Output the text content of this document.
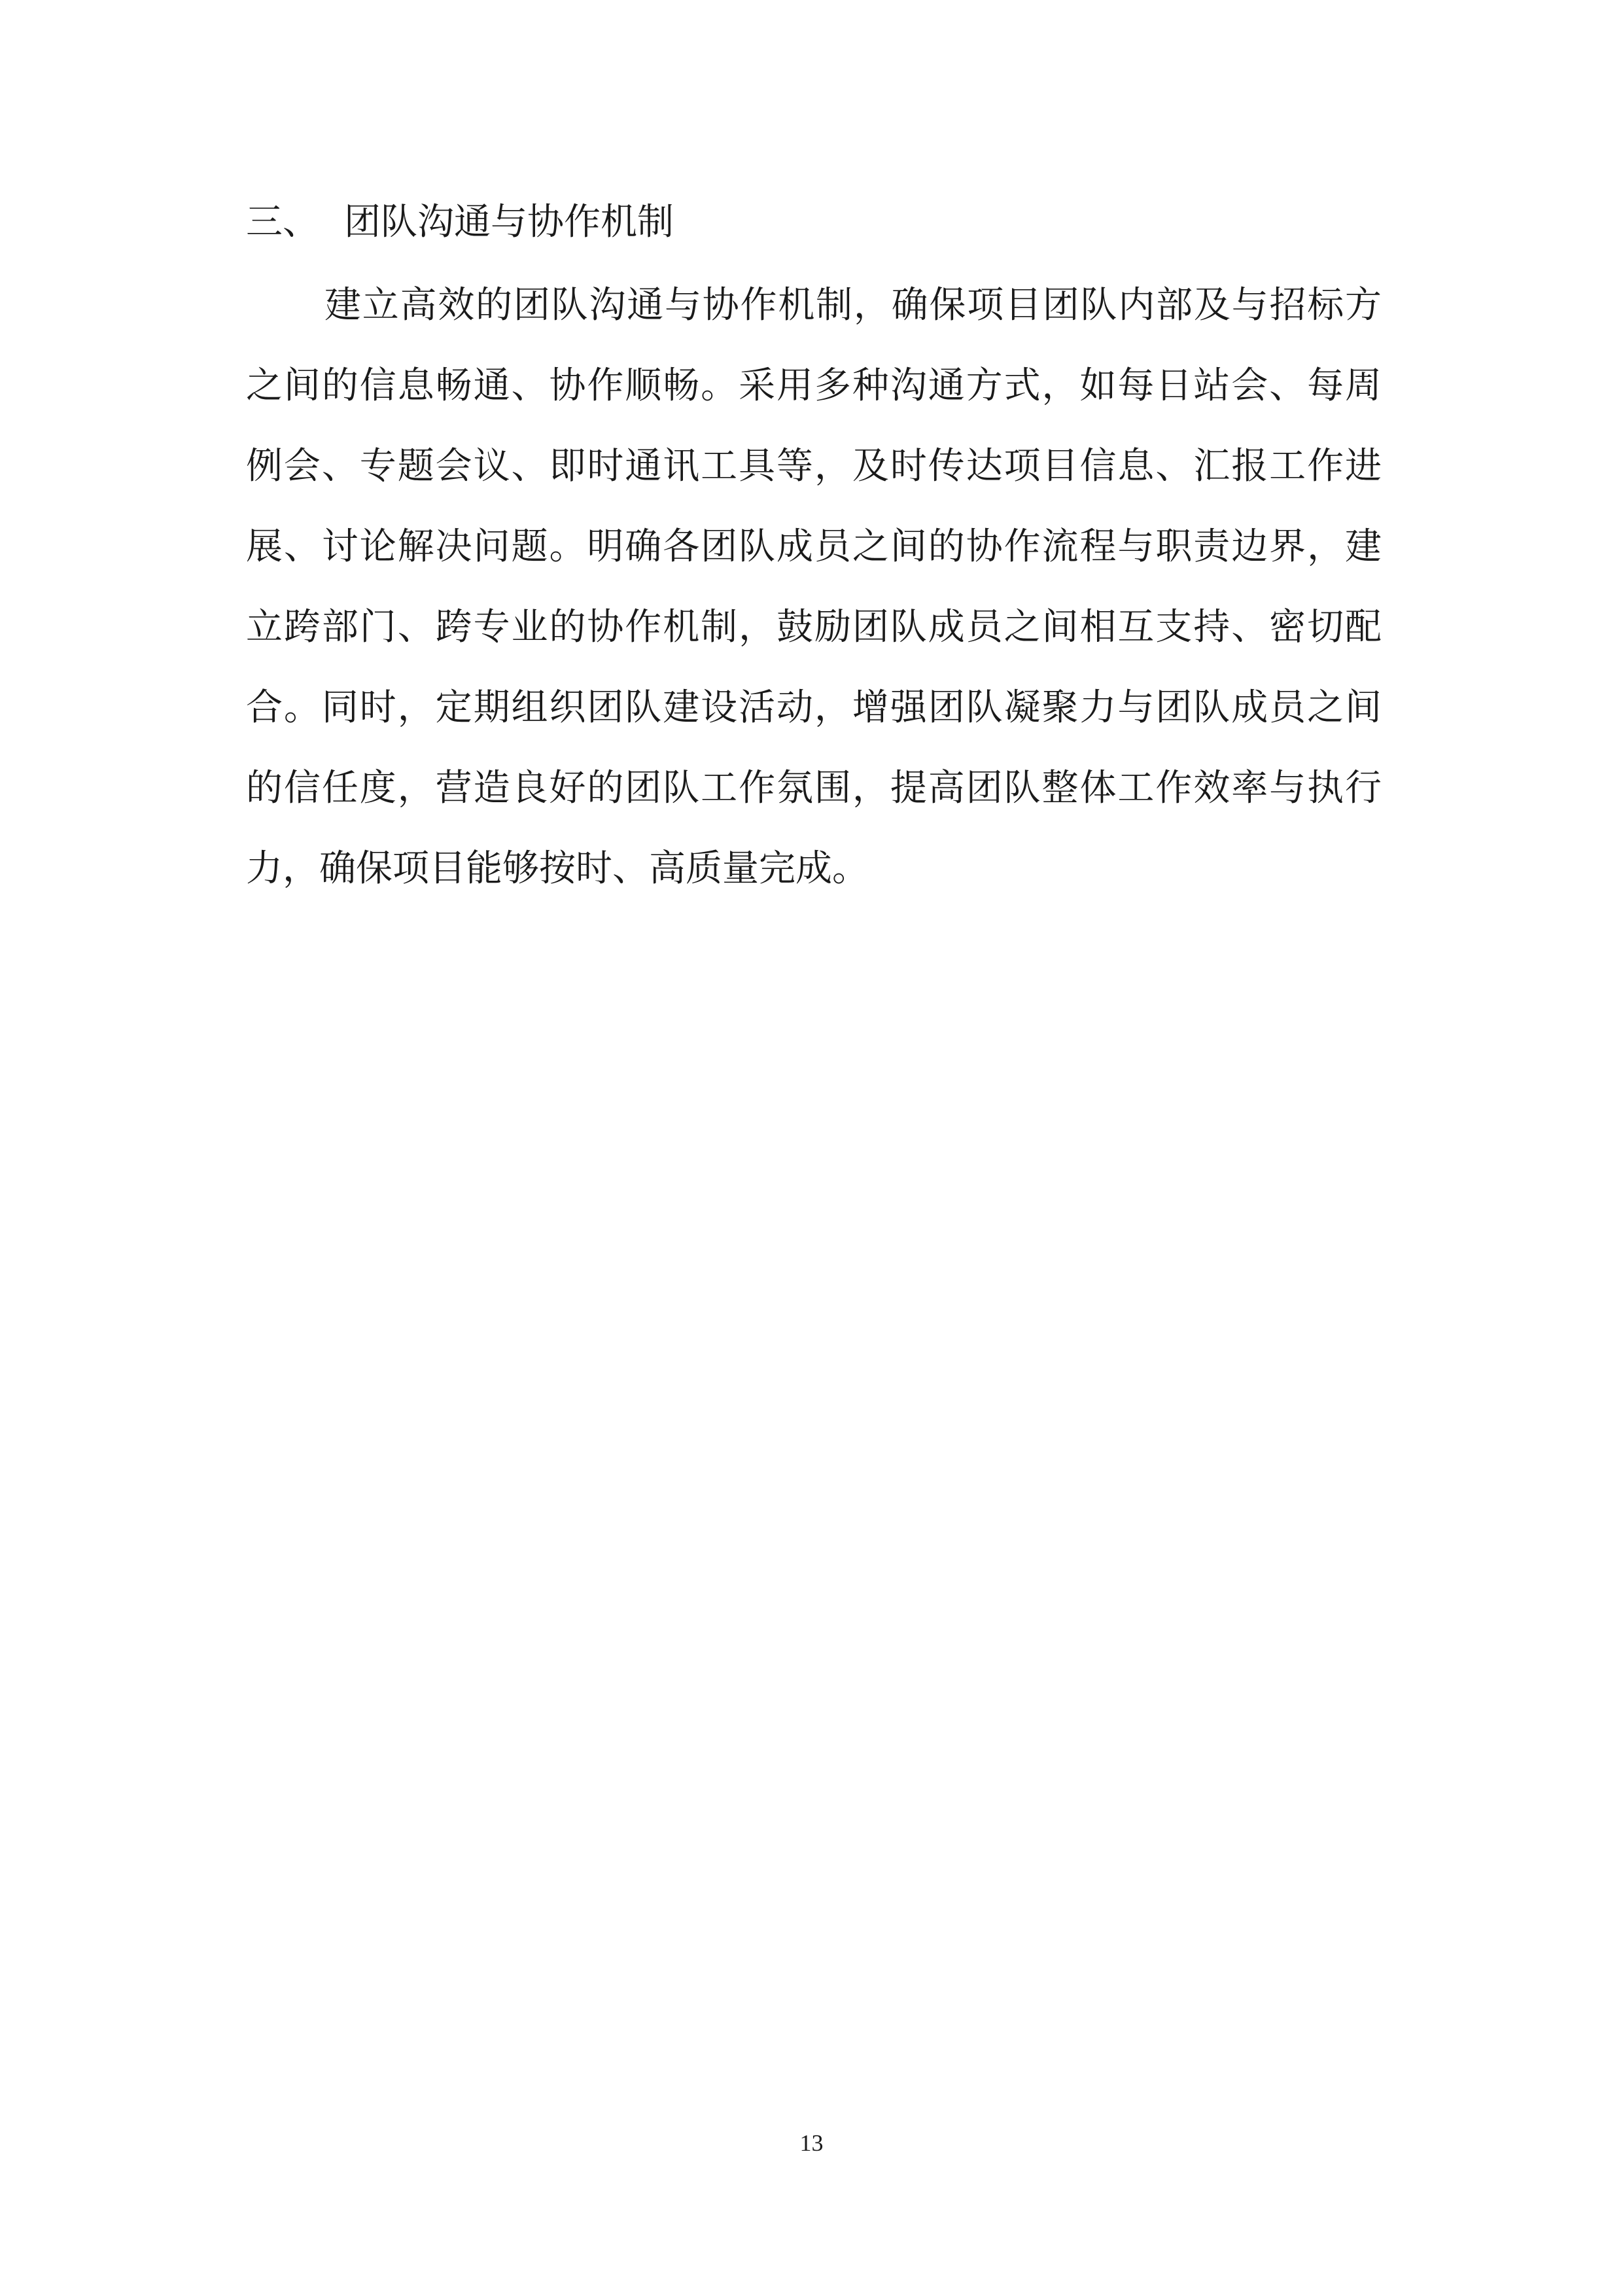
三、 团队沟通与协作机制
建立高效的团队沟通与协作机制，确保项目团队内部及与招标方
之间的信息畅通、协作顺畅。采用多种沟通方式，如每日站会、每周
例会、专题会议、即时通讯工具等，及时传达项目信息、汇报工作进
展、讨论解决问题。明确各团队成员之间的协作流程与职责边界，建
立跨部门、跨专业的协作机制，鼓励团队成员之间相互支持、密切配
合。同时，定期组织团队建设活动，增强团队凝聚力与团队成员之间
的信任度，营造良好的团队工作氛围，提高团队整体工作效率与执行
力，确保项目能够按时、高质量完成。
13
